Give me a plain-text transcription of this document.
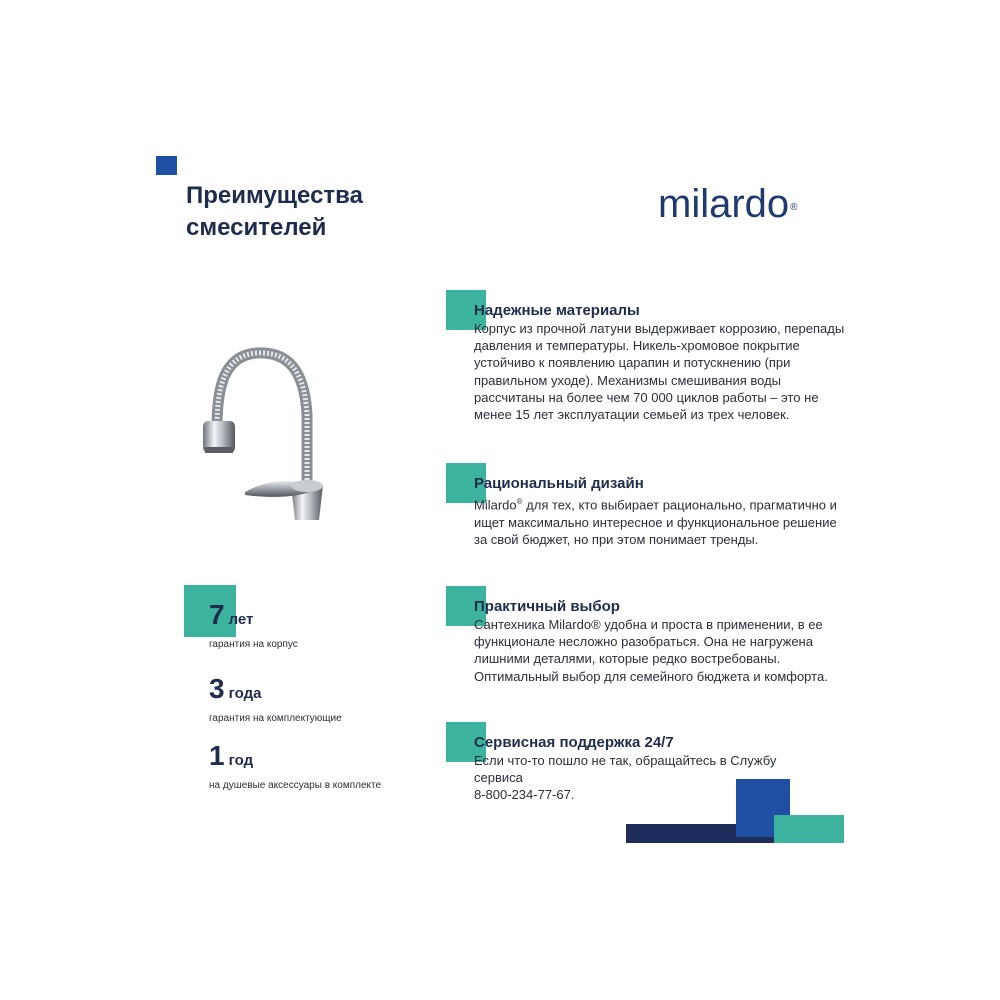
Преимущества
смесителей
milardo®
Надежные материалы

Корпус из прочной латуни выдерживает коррозию, перепады давления и температуры. Никель-хромовое покрытие устойчиво к появлению царапин и потускнению (при правильном уходе). Механизмы смешивания воды рассчитаны на более чем 70 000 циклов работы – это не менее 15 лет эксплуатации семьей из трех человек.

Рациональный дизайн

Milardo® для тех, кто выбирает рационально, прагматично и ищет максимально интересное и функциональное решение за свой бюджет, но при этом понимает тренды.

Практичный выбор

Сантехника Milardo® удобна и проста в применении, в ее функционале несложно разобраться. Она не нагружена лишними деталями, которые редко востребованы. Оптимальный выбор для семейного бюджета и комфорта.

Сервисная поддержка 24/7

Если что-то пошло не так, обращайтесь в Службу сервиса

8-800-234-77-67.

7 лет
гарантия на корпус
3 года
гарантия на комплектующие
1 год
на душевые аксессуары в комплекте
